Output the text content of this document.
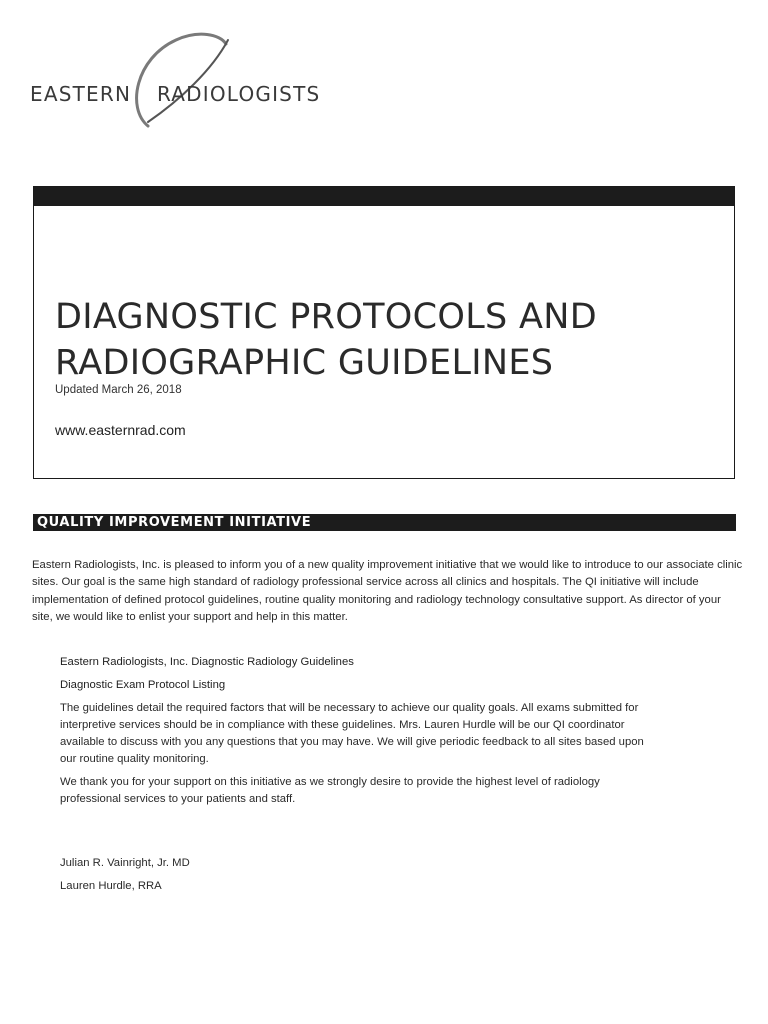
EASTERN RADIOLOGISTS
DIAGNOSTIC PROTOCOLS AND
RADIOGRAPHIC GUIDELINES
Updated March 26, 2018
www.easternrad.com
QUALITY IMPROVEMENT INITIATIVE

Eastern Radiologists, Inc. is pleased to inform you of a new quality improvement initiative that we would like to introduce to our associate clinic sites. Our goal is the same high standard of radiology professional service across all clinics and hospitals. The QI initiative will include implementation of defined protocol guidelines, routine quality monitoring and radiology technology consultative support. As director of your site, we would like to enlist your support and help in this matter.

Eastern Radiologists, Inc. Diagnostic Radiology Guidelines

Diagnostic Exam Protocol Listing

The guidelines detail the required factors that will be necessary to achieve our quality goals. All exams submitted for interpretive services should be in compliance with these guidelines. Mrs. Lauren Hurdle will be our QI coordinator available to discuss with you any questions that you may have. We will give periodic feedback to all sites based upon our routine quality monitoring.

We thank you for your support on this initiative as we strongly desire to provide the highest level of radiology professional services to your patients and staff.

Julian R. Vainright, Jr. MD
Lauren Hurdle, RRA
